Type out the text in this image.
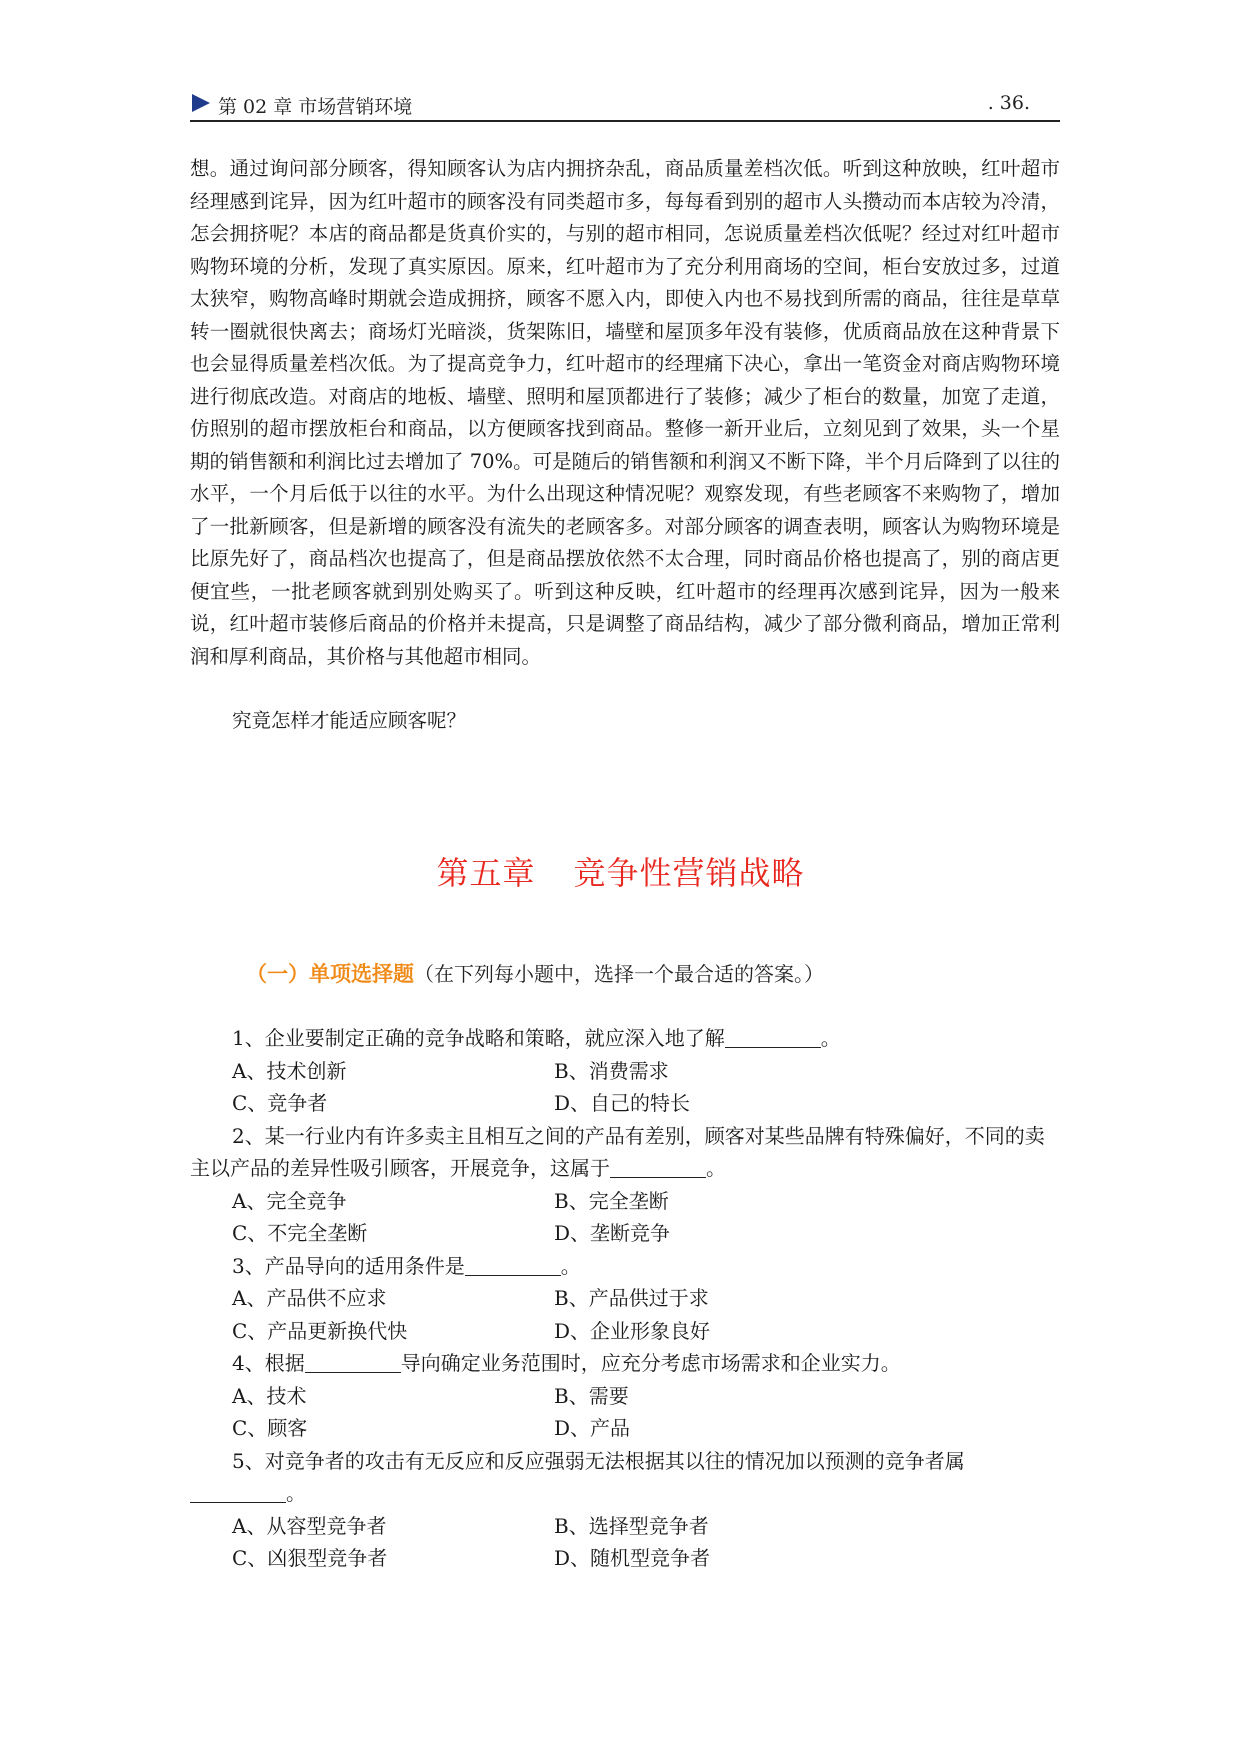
第 02 章 市场营销环境	. 36.

想。通过询问部分顾客，得知顾客认为店内拥挤杂乱，商品质量差档次低。听到这种放映，红叶超市经理感到诧异，因为红叶超市的顾客没有同类超市多，每每看到别的超市人头攒动而本店较为冷清，怎会拥挤呢？本店的商品都是货真价实的，与别的超市相同，怎说质量差档次低呢？经过对红叶超市购物环境的分析，发现了真实原因。原来，红叶超市为了充分利用商场的空间，柜台安放过多，过道太狭窄，购物高峰时期就会造成拥挤，顾客不愿入内，即使入内也不易找到所需的商品，往往是草草转一圈就很快离去；商场灯光暗淡，货架陈旧，墙壁和屋顶多年没有装修，优质商品放在这种背景下也会显得质量差档次低。为了提高竞争力，红叶超市的经理痛下决心，拿出一笔资金对商店购物环境进行彻底改造。对商店的地板、墙壁、照明和屋顶都进行了装修；减少了柜台的数量，加宽了走道，仿照别的超市摆放柜台和商品，以方便顾客找到商品。整修一新开业后，立刻见到了效果，头一个星期的销售额和利润比过去增加了 70%。可是随后的销售额和利润又不断下降，半个月后降到了以往的水平，一个月后低于以往的水平。为什么出现这种情况呢？观察发现，有些老顾客不来购物了，增加了一批新顾客，但是新增的顾客没有流失的老顾客多。对部分顾客的调查表明，顾客认为购物环境是比原先好了，商品档次也提高了，但是商品摆放依然不太合理，同时商品价格也提高了，别的商店更便宜些，一批老顾客就到别处购买了。听到这种反映，红叶超市的经理再次感到诧异，因为一般来说，红叶超市装修后商品的价格并未提高，只是调整了商品结构，减少了部分微利商品，增加正常利润和厚利商品，其价格与其他超市相同。

究竟怎样才能适应顾客呢？

第五章 竞争性营销战略
（一）单项选择题（在下列每小题中，选择一个最合适的答案。）

1、企业要制定正确的竞争战略和策略，就应深入地了解	。

A、技术创新	B、消费需求
C、竞争者	D、自己的特长

2、某一行业内有许多卖主且相互之间的产品有差别，顾客对某些品牌有特殊偏好，不同的卖主以产品的差异性吸引顾客，开展竞争，这属于	。

A、完全竞争	B、完全垄断
C、不完全垄断	D、垄断竞争

3、产品导向的适用条件是	。

A、产品供不应求	B、产品供过于求
C、产品更新换代快	D、企业形象良好

4、根据	导向确定业务范围时，应充分考虑市场需求和企业实力。

A、技术	B、需要
C、顾客	D、产品

5、对竞争者的攻击有无反应和反应强弱无法根据其以往的情况加以预测的竞争者属。

A、从容型竞争者	B、选择型竞争者
C、凶狠型竞争者	D、随机型竞争者
